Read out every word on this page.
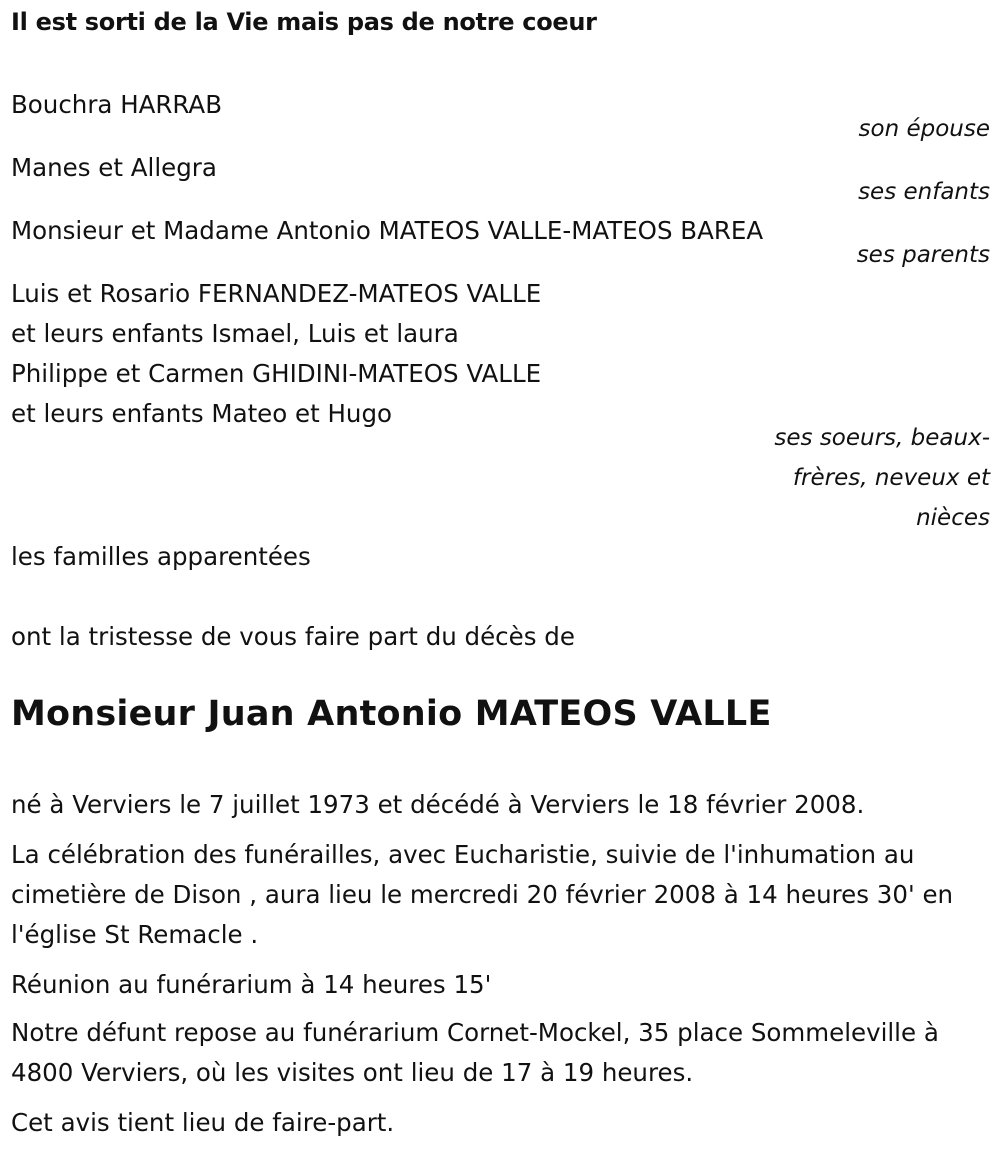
Il est sorti de la Vie mais pas de notre coeur
Bouchra HARRAB
son épouse
Manes et Allegra
ses enfants
Monsieur et Madame Antonio MATEOS VALLE-MATEOS BAREA
ses parents
Luis et Rosario FERNANDEZ-MATEOS VALLE
et leurs enfants Ismael, Luis et laura
Philippe et Carmen GHIDINI-MATEOS VALLE
et leurs enfants Mateo et Hugo
ses soeurs, beaux-frères, neveux et nièces
les familles apparentées
ont la tristesse de vous faire part du décès de
Monsieur Juan Antonio MATEOS VALLE
né à Verviers le 7 juillet 1973 et décédé à Verviers le 18 février 2008.
La célébration des funérailles, avec Eucharistie, suivie de l'inhumation au cimetière de Dison , aura lieu le mercredi 20 février 2008 à 14 heures 30' en l'église St Remacle .
Réunion au funérarium à 14 heures 15'
Notre défunt repose au funérarium Cornet-Mockel, 35 place Sommeleville à 4800 Verviers, où les visites ont lieu de 17 à 19 heures.
Cet avis tient lieu de faire-part.
